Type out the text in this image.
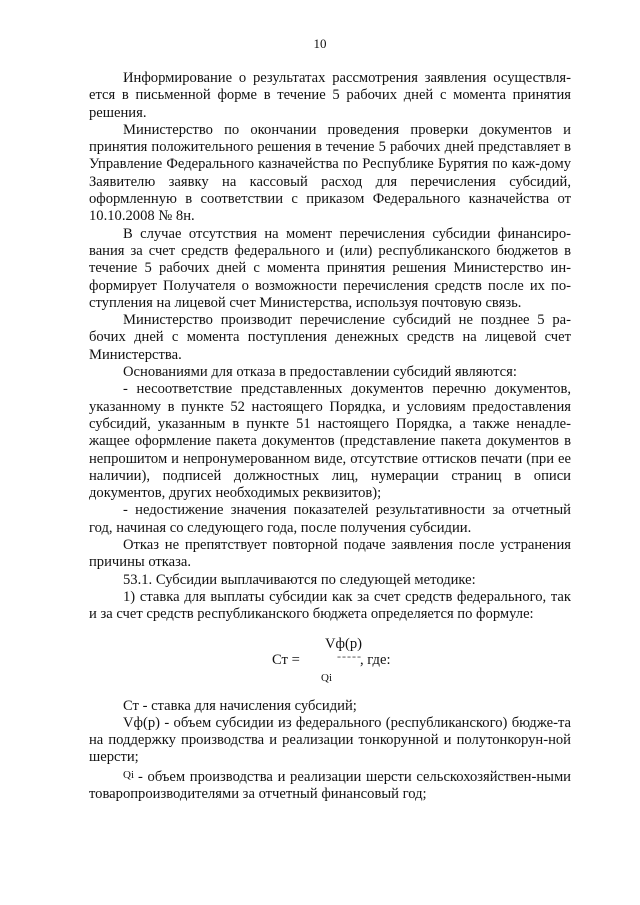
10

Информирование о результатах рассмотрения заявления осуществля-ется в письменной форме в течение 5 рабочих дней с момента принятия решения.

Министерство по окончании проведения проверки документов и принятия положительного решения в течение 5 рабочих дней представляет в Управление Федерального казначейства по Республике Бурятия по каж-дому Заявителю заявку на кассовый расход для перечисления субсидий, оформленную в соответствии с приказом Федерального казначейства от 10.10.2008 № 8н.

В случае отсутствия на момент перечисления субсидии финансиро-вания за счет средств федерального и (или) республиканского бюджетов в течение 5 рабочих дней с момента принятия решения Министерство ин-формирует Получателя о возможности перечисления средств после их по-ступления на лицевой счет Министерства, используя почтовую связь.

Министерство производит перечисление субсидий не позднее 5 ра-бочих дней с момента поступления денежных средств на лицевой счет Министерства.

Основаниями для отказа в предоставлении субсидий являются:

- несоответствие представленных документов перечню документов, указанному в пункте 52 настоящего Порядка, и условиям предоставления субсидий, указанным в пункте 51 настоящего Порядка, а также ненадле-жащее оформление пакета документов (представление пакета документов в непрошитом и непронумерованном виде, отсутствие оттисков печати (при ее наличии), подписей должностных лиц, нумерации страниц в описи документов, других необходимых реквизитов);

- недостижение значения показателей результативности за отчетный год, начиная со следующего года, после получения субсидии.

Отказ не препятствует повторной подаче заявления после устранения причины отказа.

53.1. Субсидии выплачиваются по следующей методике:

1) ставка для выплаты субсидии как за счет средств федерального, так и за счет средств республиканского бюджета определяется по формуле:

Vф(р)
Ст =	-----
, где:
Qi

Ст - ставка для начисления субсидий;

Vф(р) - объем субсидии из федерального (республиканского) бюдже-та на поддержку производства и реализации тонкорунной и полутонкорун-ной шерсти;

$^{Qi}$ - объем производства и реализации шерсти сельскохозяйствен-ными товаропроизводителями за отчетный финансовый год;
